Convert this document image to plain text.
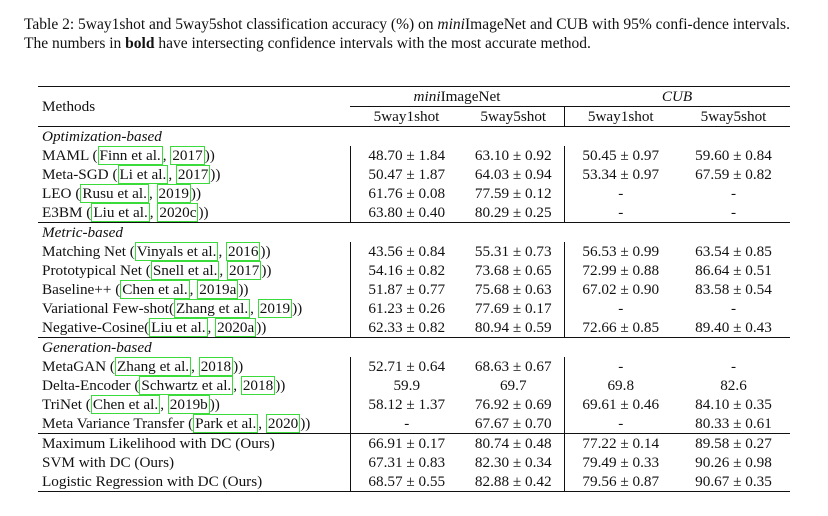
Table 2: 5way1shot and 5way5shot classification accuracy (%) on miniImageNet and CUB with 95% confi-dence intervals. The numbers in bold have intersecting confidence intervals with the most accurate method.
Methods	miniImageNet		CUB	
	5way1shot	5way5shot	5way1shot	5way5shot
Optimization-based				
MAML ( Finn et al. , 2017 ))	48.70 ± 1.84	63.10 ± 0.92	50.45 ± 0.97	59.60 ± 0.84
Meta-SGD ( Li et al. , 2017 ))	50.47 ± 1.87	64.03 ± 0.94	53.34 ± 0.97	67.59 ± 0.82
LEO ( Rusu et al. , 2019 ))	61.76 ± 0.08	77.59 ± 0.12	-	-
E3BM ( Liu et al. , 2020c ))	63.80 ± 0.40	80.29 ± 0.25	-	-
Metric-based				
Matching Net ( Vinyals et al. , 2016 ))	43.56 ± 0.84	55.31 ± 0.73	56.53 ± 0.99	63.54 ± 0.85
Prototypical Net ( Snell et al. , 2017 ))	54.16 ± 0.82	73.68 ± 0.65	72.99 ± 0.88	86.64 ± 0.51
Baseline++ ( Chen et al. , 2019a ))	51.87 ± 0.77	75.68 ± 0.63	67.02 ± 0.90	83.58 ± 0.54
Variational Few-shot( Zhang et al. , 2019 ))	61.23 ± 0.26	77.69 ± 0.17	-	-
Negative-Cosine( Liu et al. , 2020a ))	62.33 ± 0.82	80.94 ± 0.59	72.66 ± 0.85	89.40 ± 0.43
Generation-based				
MetaGAN ( Zhang et al. , 2018 ))	52.71 ± 0.64	68.63 ± 0.67	-	-
Delta-Encoder ( Schwartz et al. , 2018 ))	59.9	69.7	69.8	82.6
TriNet ( Chen et al. , 2019b ))	58.12 ± 1.37	76.92 ± 0.69	69.61 ± 0.46	84.10 ± 0.35
Meta Variance Transfer ( Park et al. , 2020 ))	-	67.67 ± 0.70	-	80.33 ± 0.61
Maximum Likelihood with DC (Ours)	66.91 ± 0.17	80.74 ± 0.48	77.22 ± 0.14	89.58 ± 0.27
SVM with DC (Ours)	67.31 ± 0.83	82.30 ± 0.34	79.49 ± 0.33	90.26 ± 0.98
Logistic Regression with DC (Ours)	68.57 ± 0.55	82.88 ± 0.42	79.56 ± 0.87	90.67 ± 0.35
